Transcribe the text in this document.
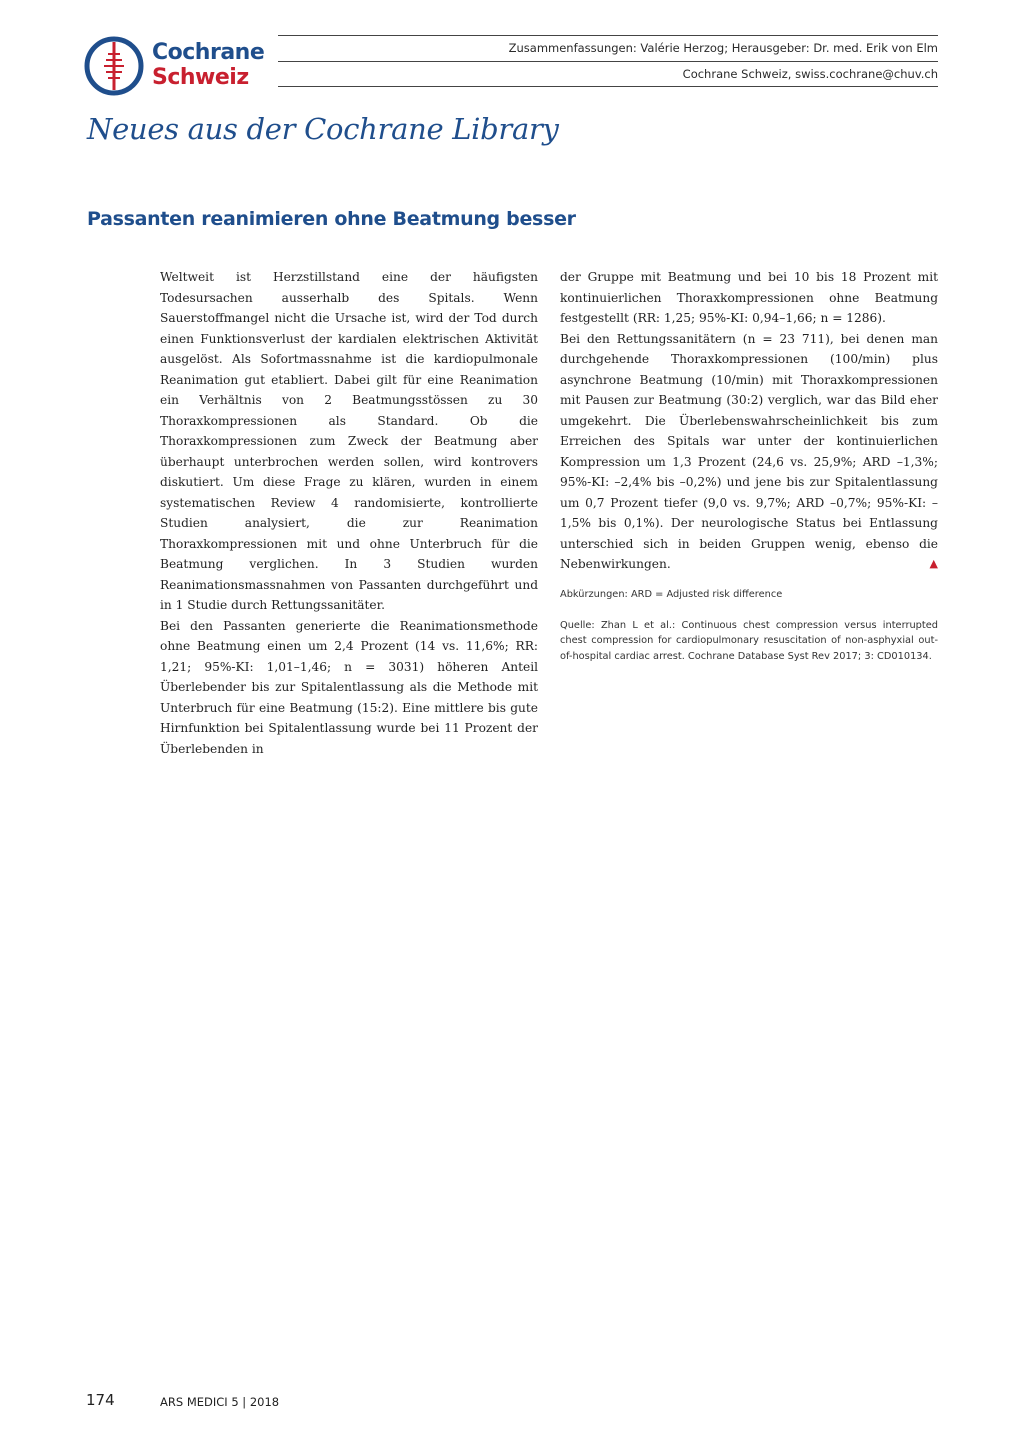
Cochrane
Schweiz
Zusammenfassungen: Valérie Herzog; Herausgeber: Dr. med. Erik von Elm
Cochrane Schweiz, swiss.cochrane@chuv.ch
Neues aus der Cochrane Library
Passanten reanimieren ohne Beatmung besser

Weltweit ist Herzstillstand eine der häufigsten Todesursachen ausserhalb des Spitals. Wenn Sauerstoffmangel nicht die Ursache ist, wird der Tod durch einen Funktionsverlust der kardialen elektrischen Aktivität ausgelöst. Als Sofortmassnahme ist die kardiopulmonale Reanimation gut etabliert. Dabei gilt für eine Reanimation ein Verhältnis von 2 Beatmungsstössen zu 30 Thoraxkompressionen als Standard. Ob die Thoraxkompressionen zum Zweck der Beatmung aber überhaupt unterbrochen werden sollen, wird kontrovers diskutiert. Um diese Frage zu klären, wurden in einem systematischen Review 4 randomisierte, kontrollierte Studien analysiert, die zur Reanimation Thoraxkompressionen mit und ohne Unterbruch für die Beatmung verglichen. In 3 Studien wurden Reanimationsmassnahmen von Passanten durchgeführt und in 1 Studie durch Rettungssanitäter.

Bei den Passanten generierte die Reanimationsmethode ohne Beatmung einen um 2,4 Prozent (14 vs. 11,6%; RR: 1,21; 95%-KI: 1,01–1,46; n = 3031) höheren Anteil Überlebender bis zur Spitalentlassung als die Methode mit Unterbruch für eine Beatmung (15:2). Eine mittlere bis gute Hirnfunktion bei Spitalentlassung wurde bei 11 Prozent der Überlebenden in

der Gruppe mit Beatmung und bei 10 bis 18 Prozent mit kontinuierlichen Thoraxkompressionen ohne Beatmung festgestellt (RR: 1,25; 95%-KI: 0,94–1,66; n = 1286).

Bei den Rettungssanitätern (n = 23 711), bei denen man durchgehende Thoraxkompressionen (100/min) plus asynchrone Beatmung (10/min) mit Thoraxkompressionen mit Pausen zur Beatmung (30:2) verglich, war das Bild eher umgekehrt. Die Überlebenswahrscheinlichkeit bis zum Erreichen des Spitals war unter der kontinuierlichen Kompression um 1,3 Prozent (24,6 vs. 25,9%; ARD –1,3%; 95%-KI: –2,4% bis –0,2%) und jene bis zur Spitalentlassung um 0,7 Prozent tiefer (9,0 vs. 9,7%; ARD –0,7%; 95%-KI: –1,5% bis 0,1%). Der neurologische Status bei Entlassung unterschied sich in beiden Gruppen wenig, ebenso die Nebenwirkungen.	▲

Abkürzungen: ARD = Adjusted risk difference

Quelle: Zhan L et al.: Continuous chest compression versus interrupted chest compression for cardiopulmonary resuscitation of non-asphyxial out-of-hospital cardiac arrest. Cochrane Database Syst Rev 2017; 3: CD010134.

174	ARS MEDICI 5 | 2018
